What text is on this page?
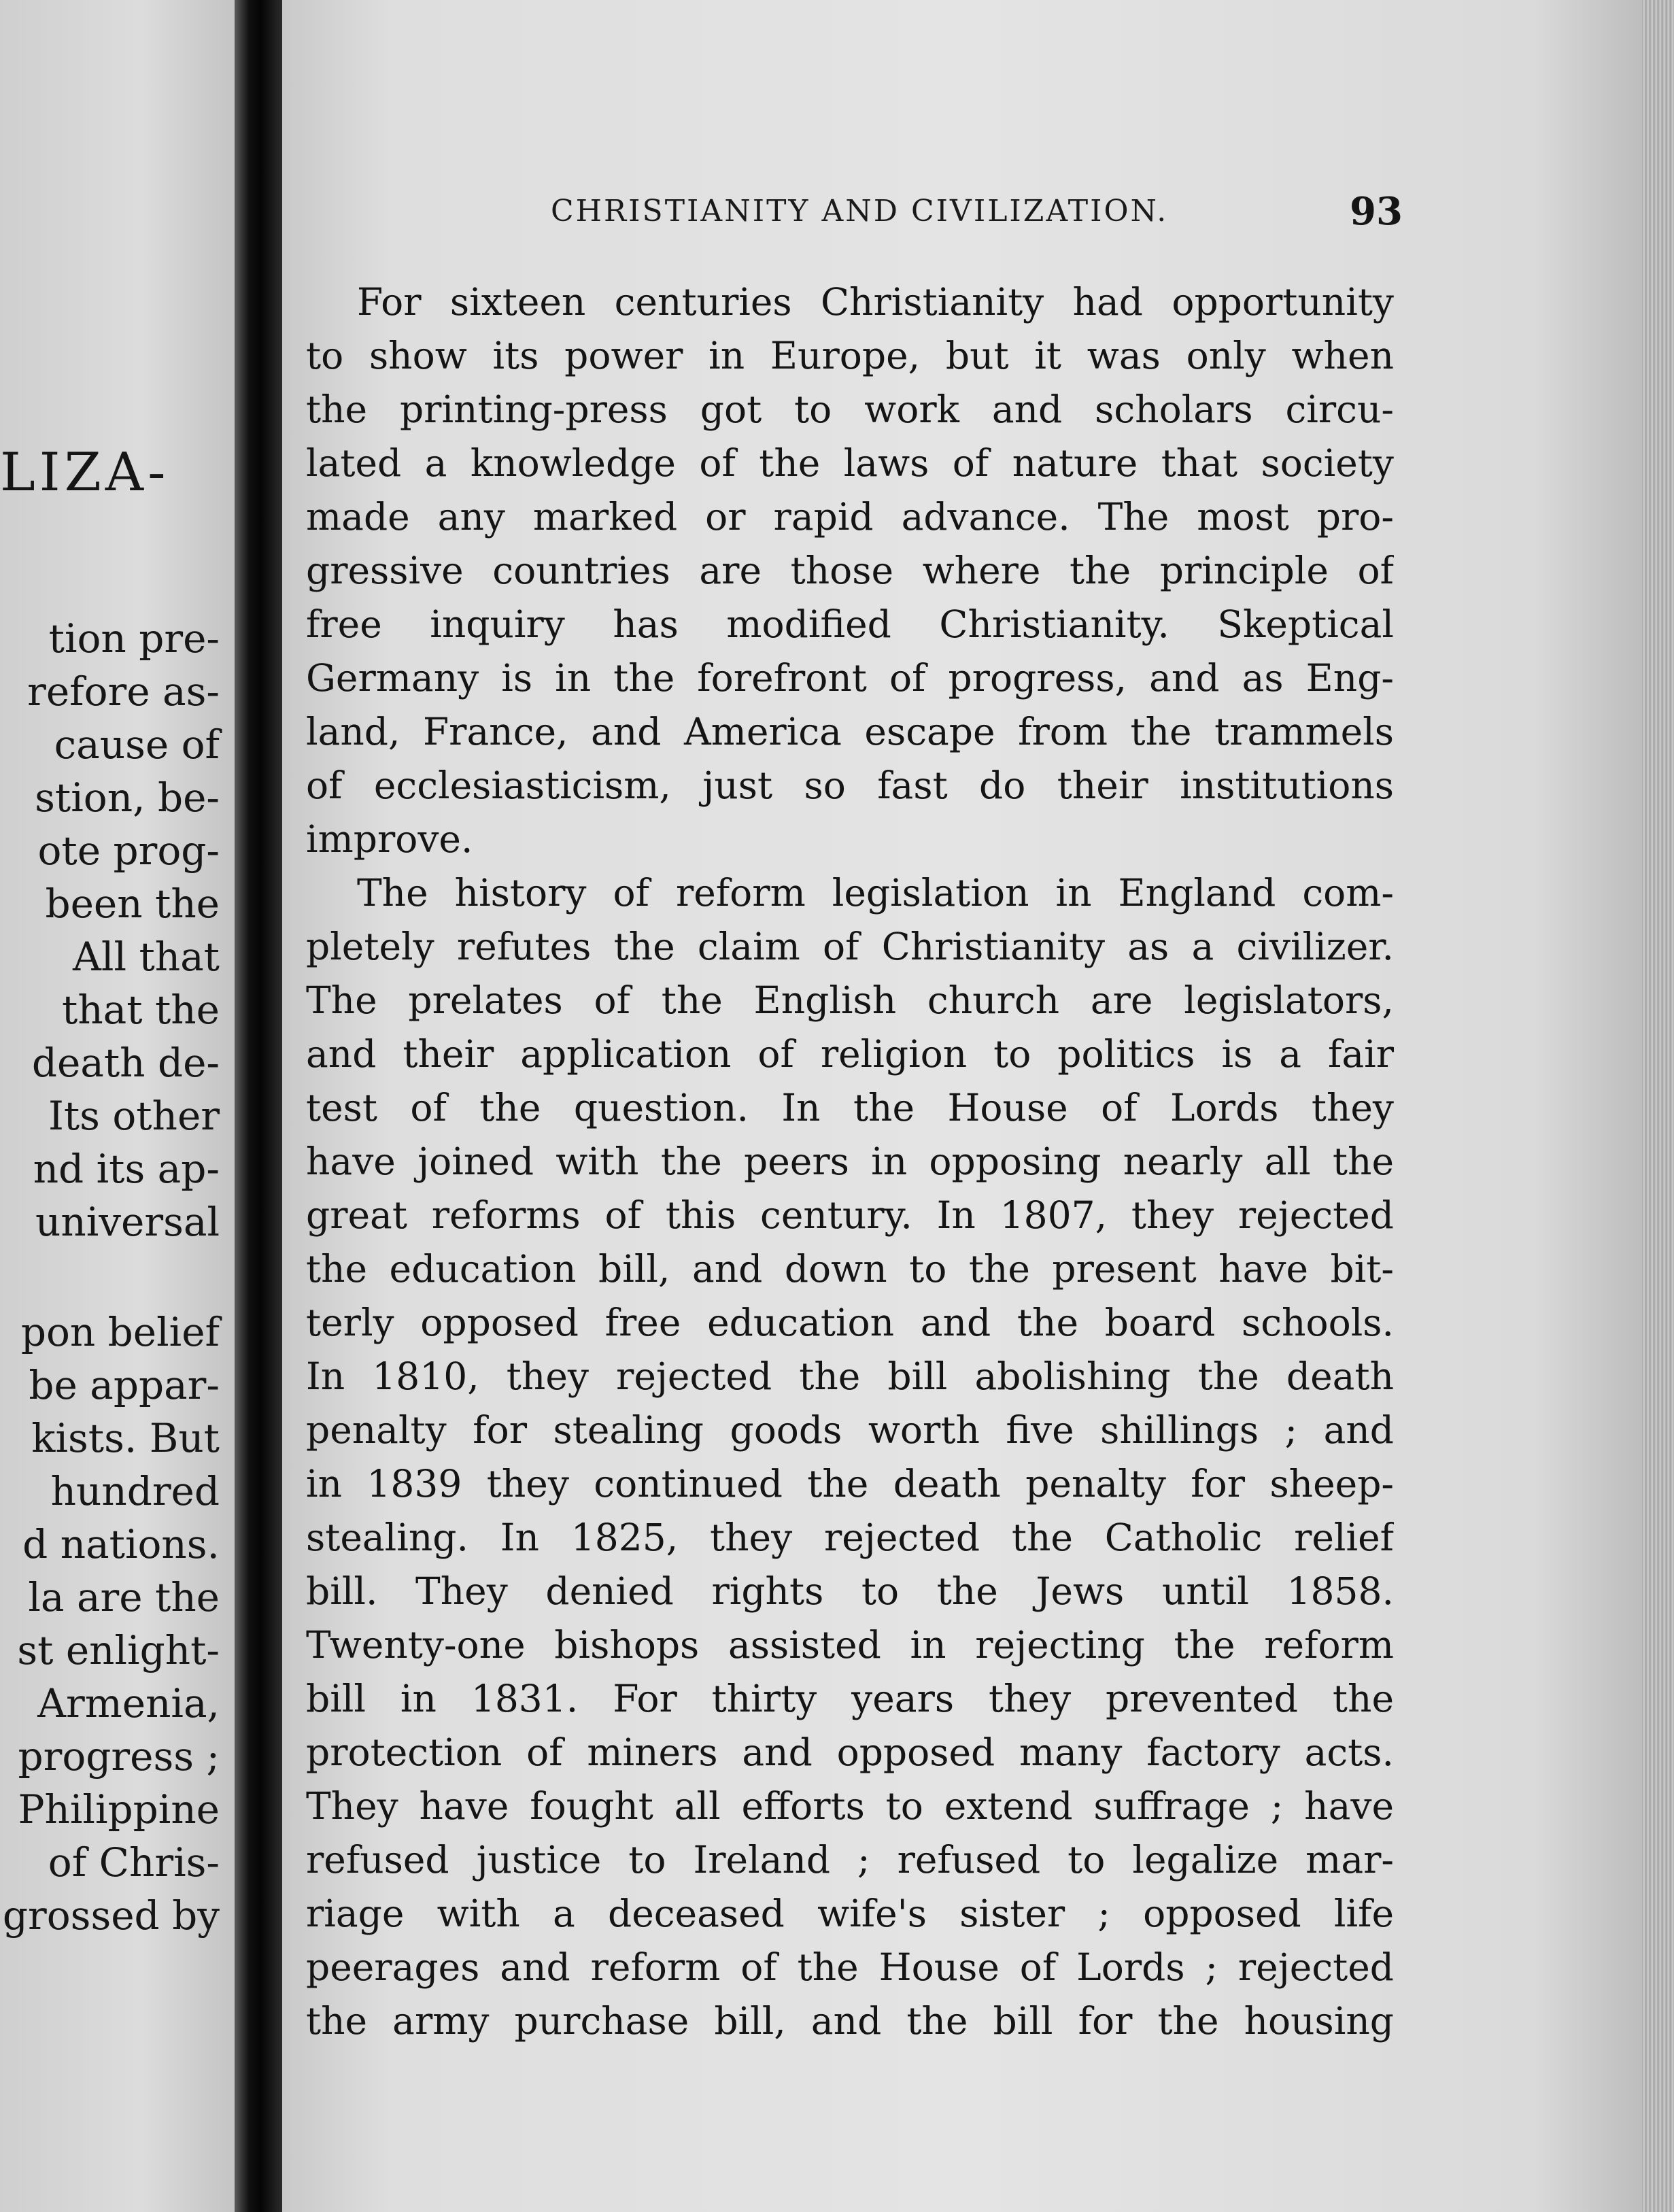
LIZA-
tion pre-
refore as-
cause of
stion, be-
ote prog-
been the
All that
that the
death de-
Its other
nd its ap-
universal
pon belief
be appar-
kists. But
hundred
d nations.
la are the
st enlight-
Armenia,
progress ;
Philippine
of Chris-
grossed by
CHRISTIANITY AND CIVILIZATION.	93
For sixteen centuries Christianity had opportunity
to show its power in Europe, but it was only when
the printing-press got to work and scholars circu-
lated a knowledge of the laws of nature that society
made any marked or rapid advance. The most pro-
gressive countries are those where the principle of
free inquiry has modified Christianity. Skeptical
Germany is in the forefront of progress, and as Eng-
land, France, and America escape from the trammels
of ecclesiasticism, just so fast do their institutions
improve.
The history of reform legislation in England com-
pletely refutes the claim of Christianity as a civilizer.
The prelates of the English church are legislators,
and their application of religion to politics is a fair
test of the question. In the House of Lords they
have joined with the peers in opposing nearly all the
great reforms of this century. In 1807, they rejected
the education bill, and down to the present have bit-
terly opposed free education and the board schools.
In 1810, they rejected the bill abolishing the death
penalty for stealing goods worth five shillings ; and
in 1839 they continued the death penalty for sheep-
stealing. In 1825, they rejected the Catholic relief
bill. They denied rights to the Jews until 1858.
Twenty-one bishops assisted in rejecting the reform
bill in 1831. For thirty years they prevented the
protection of miners and opposed many factory acts.
They have fought all efforts to extend suffrage ; have
refused justice to Ireland ; refused to legalize mar-
riage with a deceased wife's sister ; opposed life
peerages and reform of the House of Lords ; rejected
the army purchase bill, and the bill for the housing
